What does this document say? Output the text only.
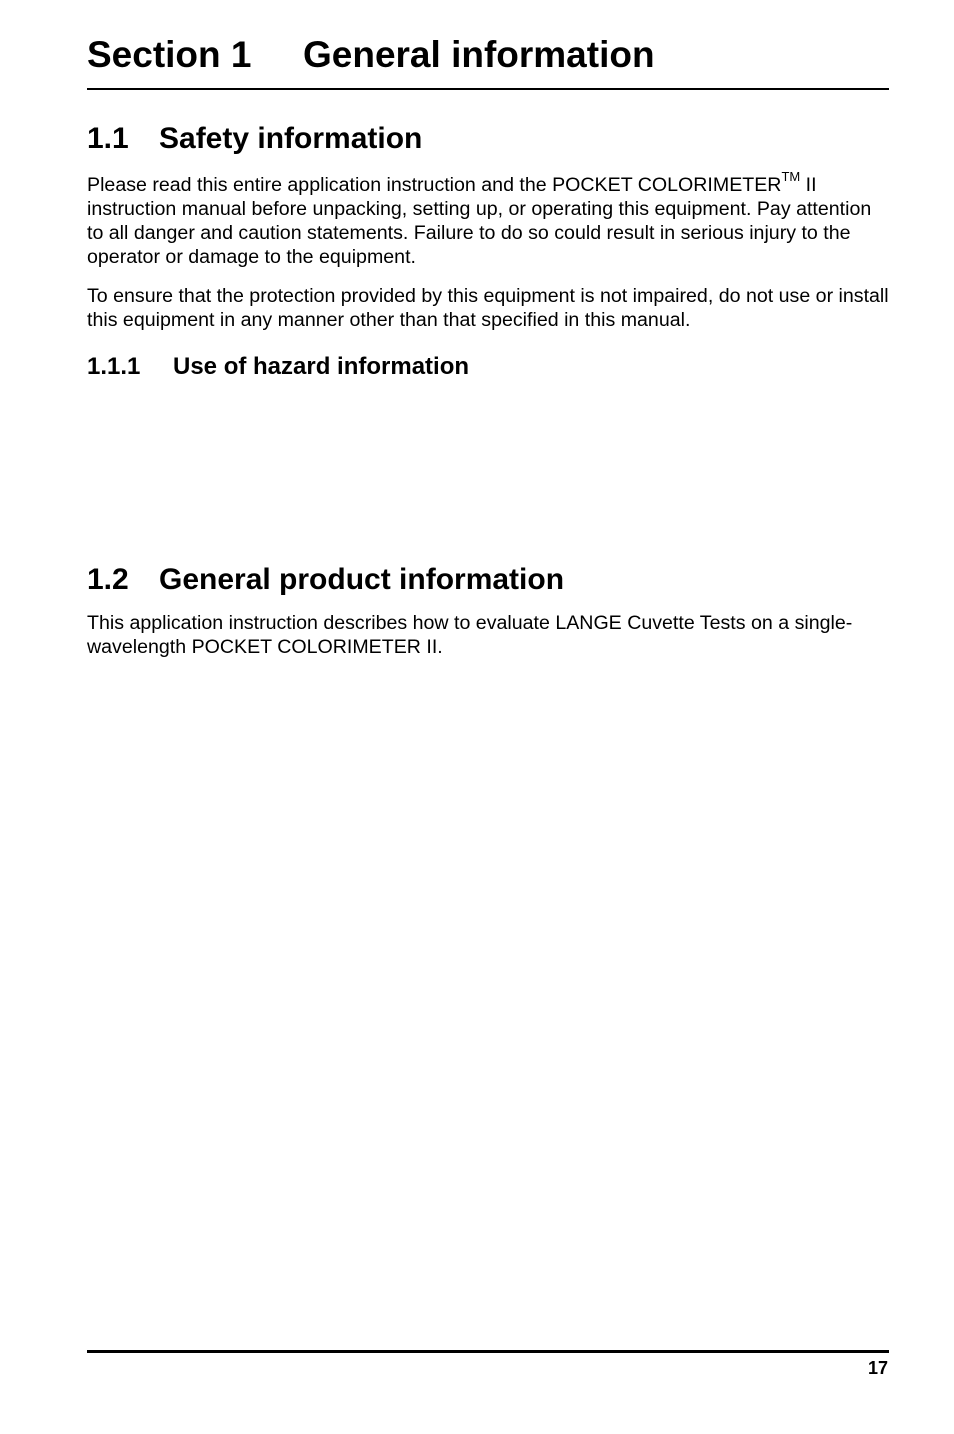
Section 1 General information
1.1 Safety information

Please read this entire application instruction and the POCKET COLORIMETER™ II instruction manual before unpacking, setting up, or operating this equipment. Pay attention to all danger and caution statements. Failure to do so could result in serious injury to the operator or damage to the equipment.

To ensure that the protection provided by this equipment is not impaired, do not use or install this equipment in any manner other than that specified in this manual.

1.1.1 Use of hazard information
1.2 General product information

This application instruction describes how to evaluate LANGE Cuvette Tests on a single-wavelength POCKET COLORIMETER II.

17
